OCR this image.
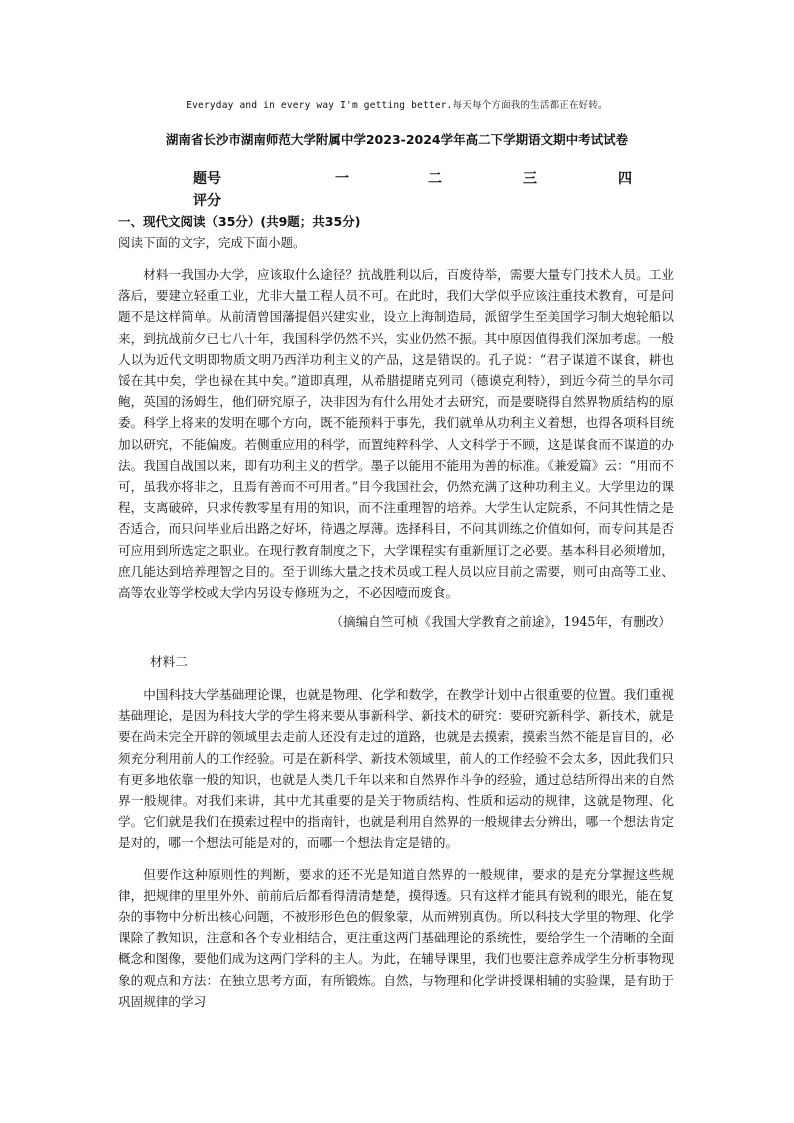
Everyday and in every way I'm getting better.每天每个方面我的生活都正在好转。
湖南省长沙市湖南师范大学附属中学2023-2024学年高二下学期语文期中考试试卷
题号	一	二	三	四
评分
一、现代文阅读（35分）(共9题；共35分)
阅读下面的文字，完成下面小题。

材料一我国办大学，应该取什么途径？抗战胜利以后，百废待举，需要大量专门技术人员。工业落后，要建立轻重工业，尤非大量工程人员不可。在此时，我们大学似乎应该注重技术教育，可是问题不是这样简单。从前清曾国藩提倡兴建实业，设立上海制造局，派留学生至美国学习制大炮轮船以来，到抗战前夕已七八十年，我国科学仍然不兴，实业仍然不振。其中原因值得我们深加考虑。一般人以为近代文明即物质文明乃西洋功利主义的产品，这是错误的。孔子说：“君子谋道不谋食，耕也馁在其中矣，学也禄在其中矣。”道即真理，从希腊提睹克列司（德谟克利特），到近今荷兰的旱尔司鲍，英国的汤姆生，他们研究原子，决非因为有什么用处才去研究，而是要晓得自然界物质结构的原委。科学上将来的发明在哪个方向，既不能预料于事先，我们就单从功利主义着想，也得各项科目统加以研究，不能偏废。若侧重应用的科学，而置纯粹科学、人文科学于不顾，这是谋食而不谋道的办法。我国自战国以来，即有功利主义的哲学。墨子以能用不能用为善的标准。《兼爱篇》云：“用而不可，虽我亦将非之，且焉有善而不可用者。”目今我国社会，仍然充满了这种功利主义。大学里边的课程，支离破碎，只求传教零星有用的知识，而不注重理智的培养。大学生认定院系，不问其性情之是否适合，而只问毕业后出路之好坏，待遇之厚薄。选择科目，不问其训练之价值如何，而专问其是否可应用到所选定之职业。在现行教育制度之下，大学课程实有重新厘订之必要。基本科目必须增加，庶几能达到培养理智之目的。至于训练大量之技术员或工程人员以应目前之需要，则可由高等工业、高等农业等学校或大学内另设专修班为之，不必因噎而废食。

（摘编自竺可桢《我国大学教育之前途》，1945年，有删改）
材料二

中国科技大学基础理论课，也就是物理、化学和数学，在教学计划中占很重要的位置。我们重视基础理论，是因为科技大学的学生将来要从事新科学、新技术的研究：要研究新科学、新技术，就是要在尚未完全开辟的领域里去走前人还没有走过的道路，也就是去摸索，摸索当然不能是盲目的，必须充分利用前人的工作经验。可是在新科学、新技术领域里，前人的工作经验不会太多，因此我们只有更多地依靠一般的知识，也就是人类几千年以来和自然界作斗争的经验，通过总结所得出来的自然界一般规律。对我们来讲，其中尤其重要的是关于物质结构、性质和运动的规律，这就是物理、化学。它们就是我们在摸索过程中的指南针，也就是利用自然界的一般规律去分辨出，哪一个想法肯定是对的，哪一个想法可能是对的，而哪一个想法肯定是错的。

但要作这种原则性的判断，要求的还不光是知道自然界的一般规律，要求的是充分掌握这些规律，把规律的里里外外、前前后后都看得清清楚楚，摸得透。只有这样才能具有锐利的眼光，能在复杂的事物中分析出核心问题，不被形形色色的假象蒙，从而辨别真伪。所以科技大学里的物理、化学课除了教知识，注意和各个专业相结合，更注重这两门基础理论的系统性，要给学生一个清晰的全面概念和图像，要他们成为这两门学科的主人。为此，在辅导课里，我们也要注意养成学生分析事物现象的观点和方法：在独立思考方面，有所锻炼。自然，与物理和化学讲授课相辅的实验课，是有助于巩固规律的学习
